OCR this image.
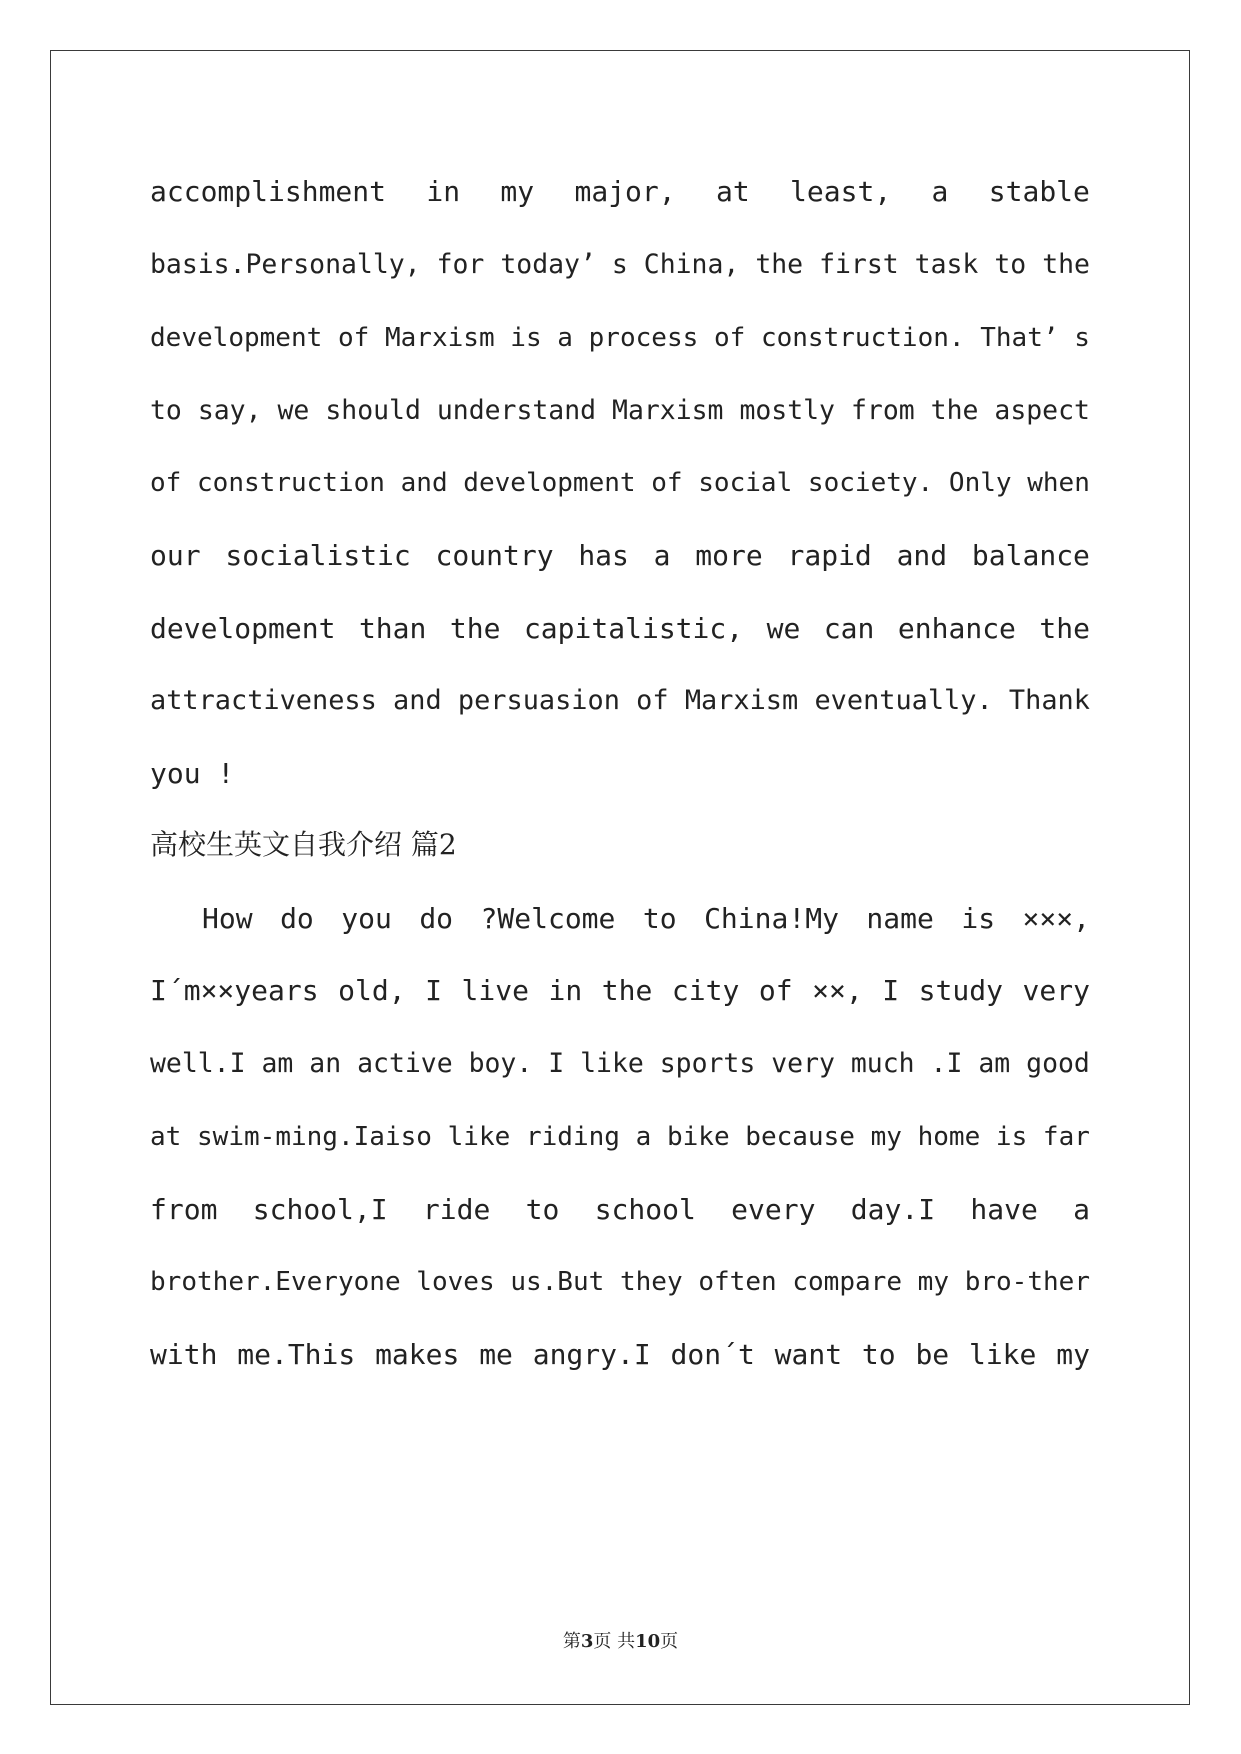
accomplishment in my major, at least, a stable
basis.Personally, for today’ s China, the first task to the
development of Marxism is a process of construction. That’ s
to say, we should understand Marxism mostly from the aspect
of construction and development of social society. Only when
our socialistic country has a more rapid and balance
development than the capitalistic, we can enhance the
attractiveness and persuasion of Marxism eventually. Thank
you !
高校生英文自我介绍 篇2
How do you do ?Welcome to China!My name is ×××,
I´m××years old, I live in the city of ××, I study very
well.I am an active boy. I like sports very much .I am good
at swim-ming.Iaiso like riding a bike because my home is far
from school,I ride to school every day.I have a
brother.Everyone loves us.But they often compare my bro-ther
with me.This makes me angry.I don´t want to be like my
第3页 共10页
